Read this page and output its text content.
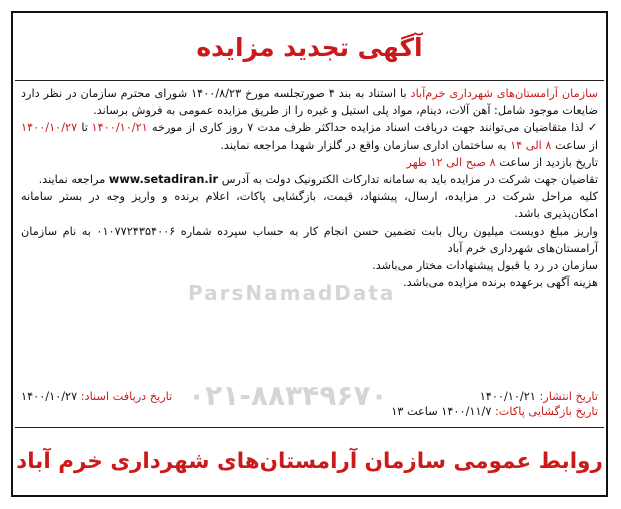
آگهی تجدید مزایده

سازمان آرامستان‌های شهرداری خرم‌آباد با استناد به بند ۴ صورتجلسه مورخ ۱۴۰۰/۸/۲۳ شورای محترم سازمان در نظر دارد ضایعات موجود شامل: آهن آلات، دینام، مواد پلی استیل و غیره را از طریق مزایده عمومی به فروش برساند.

✓ لذا متقاضیان می‌توانند جهت دریافت اسناد مزایده حداکثر ظرف مدت ۷ روز کاری از مورخه ۱۴۰۰/۱۰/۲۱ تا ۱۴۰۰/۱۰/۲۷ از ساعت ۸ الی ۱۴ به ساختمان اداری سازمان واقع در گلزار شهدا مراجعه نمایند.

تاریخ بازدید از ساعت ۸ صبح الی ۱۲ ظهر

تقاضیان جهت شرکت در مزایده باید به سامانه تدارکات الکترونیک دولت به آدرس www.setadiran.ir مراجعه نمایند.

کلیه مراحل شرکت در مزایده، ارسال، پیشنهاد، قیمت، بازگشایی پاکات، اعلام برنده و واریز وجه در بستر سامانه امکان‌پذیری باشد.

واریز مبلغ دویست میلیون ریال بابت تضمین حسن انجام کار به حساب سپرده شماره ۰۱۰۷۷۲۴۳۵۴۰۰۶ به نام سازمان آرامستان‌های شهرداری خرم آباد

سازمان در رد یا قبول پیشنهادات مختار می‌باشد.

هزینه آگهی برعهده برنده مزایده می‌باشد.

تاریخ انتشار: ۱۴۰۰/۱۰/۲۱
تاریخ دریافت اسناد: ۱۴۰۰/۱۰/۲۷
تاریخ بازگشایی پاکات: ۱۴۰۰/۱۱/۷ ساعت ۱۳
روابط عمومی سازمان آرامستان‌های شهرداری خرم آباد
ParsNamadData
۰۲۱-۸۸۳۴۹۶۷۰
